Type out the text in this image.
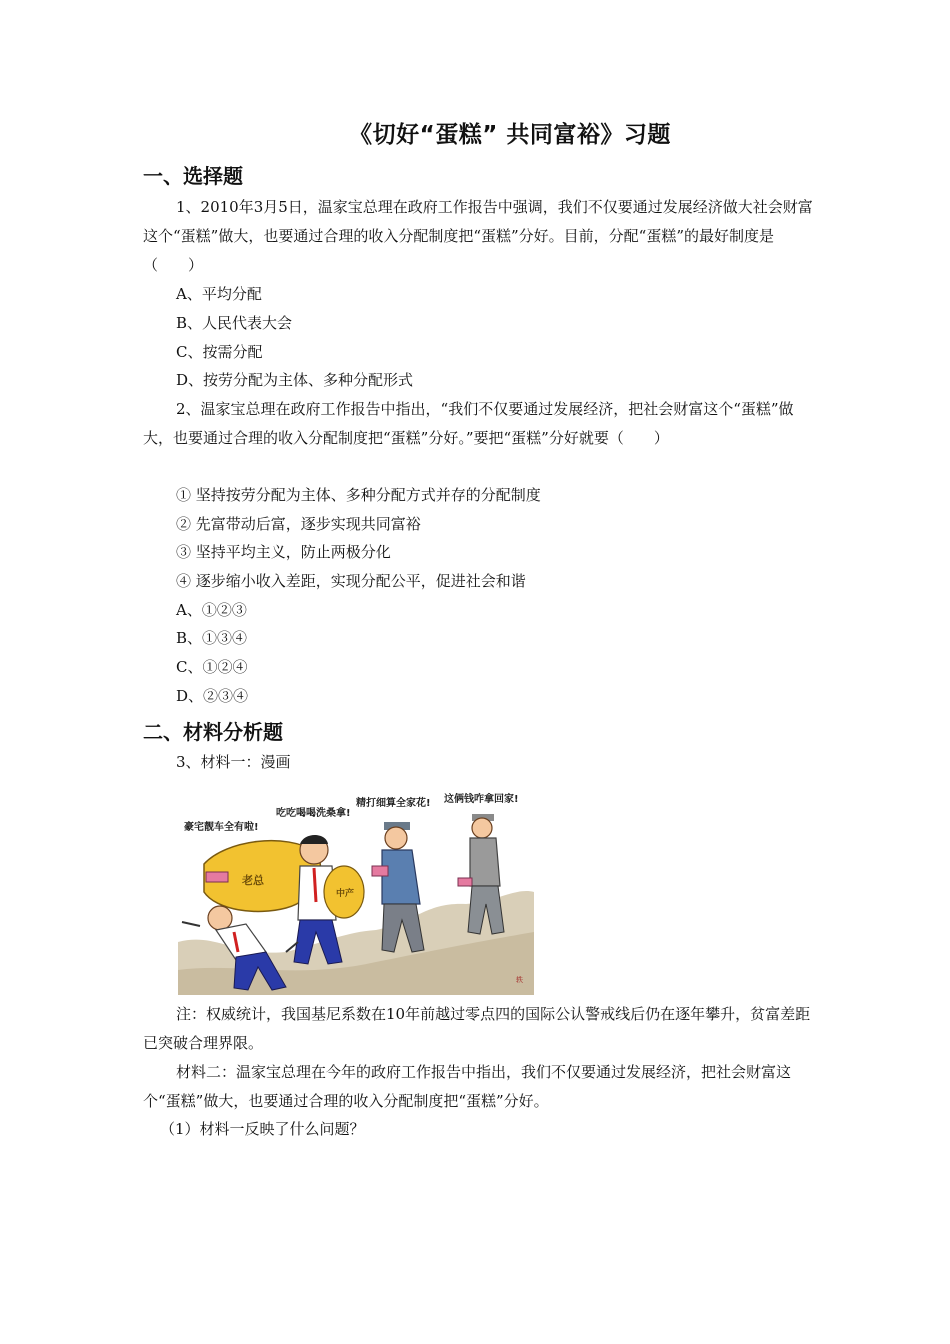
《切好“蛋糕” 共同富裕》习题
一、选择题
1、2010年3月5日，温家宝总理在政府工作报告中强调，我们不仅要通过发展经济做大社会财富这个“蛋糕”做大，也要通过合理的收入分配制度把“蛋糕”分好。目前，分配“蛋糕”的最好制度是（　　）
A、平均分配
B、人民代表大会
C、按需分配
D、按劳分配为主体、多种分配形式
2、温家宝总理在政府工作报告中指出，“我们不仅要通过发展经济，把社会财富这个“蛋糕”做大，也要通过合理的收入分配制度把“蛋糕”分好。”要把“蛋糕”分好就要（　　）
① 坚持按劳分配为主体、多种分配方式并存的分配制度
② 先富带动后富，逐步实现共同富裕
③ 坚持平均主义，防止两极分化
④ 逐步缩小收入差距，实现分配公平，促进社会和谐
A、①②③
B、①③④
C、①②④
D、②③④
二、材料分析题
3、材料一：漫画
豪宅靓车全有啦!
吃吃喝喝洗桑拿!
精打细算全家花! 这俩钱咋拿回家!
老总
中产
轶
注：权威统计，我国基尼系数在10年前越过零点四的国际公认警戒线后仍在逐年攀升，贫富差距已突破合理界限。
材料二：温家宝总理在今年的政府工作报告中指出，我们不仅要通过发展经济，把社会财富这个“蛋糕”做大，也要通过合理的收入分配制度把“蛋糕”分好。
（1）材料一反映了什么问题？
